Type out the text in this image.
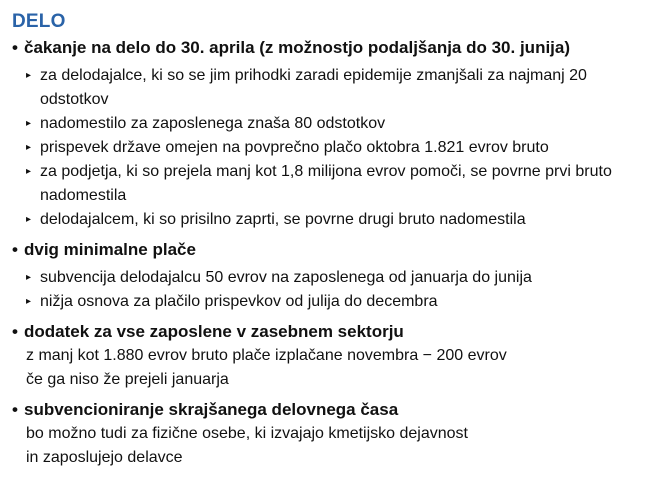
DELO
• čakanje na delo do 30. aprila (z možnostjo podaljšanja do 30. junija)
▸ za delodajalce, ki so se jim prihodki zaradi epidemije zmanjšali za najmanj 20 odstotkov
▸ nadomestilo za zaposlenega znaša 80 odstotkov
▸ prispevek države omejen na povprečno plačo oktobra 1.821 evrov bruto
▸ za podjetja, ki so prejela manj kot 1,8 milijona evrov pomoči, se povrne prvi bruto nadomestila
▸ delodajalcem, ki so prisilno zaprti, se povrne drugi bruto nadomestila
• dvig minimalne plače
▸ subvencija delodajalcu 50 evrov na zaposlenega od januarja do junija
▸ nižja osnova za plačilo prispevkov od julija do decembra
• dodatek za vse zaposlene v zasebnem sektorju
z manj kot 1.880 evrov bruto plače izplačane novembra − 200 evrov
če ga niso že prejeli januarja
• subvencioniranje skrajšanega delovnega časa
bo možno tudi za fizične osebe, ki izvajajo kmetijsko dejavnost
in zaposlujejo delavce
